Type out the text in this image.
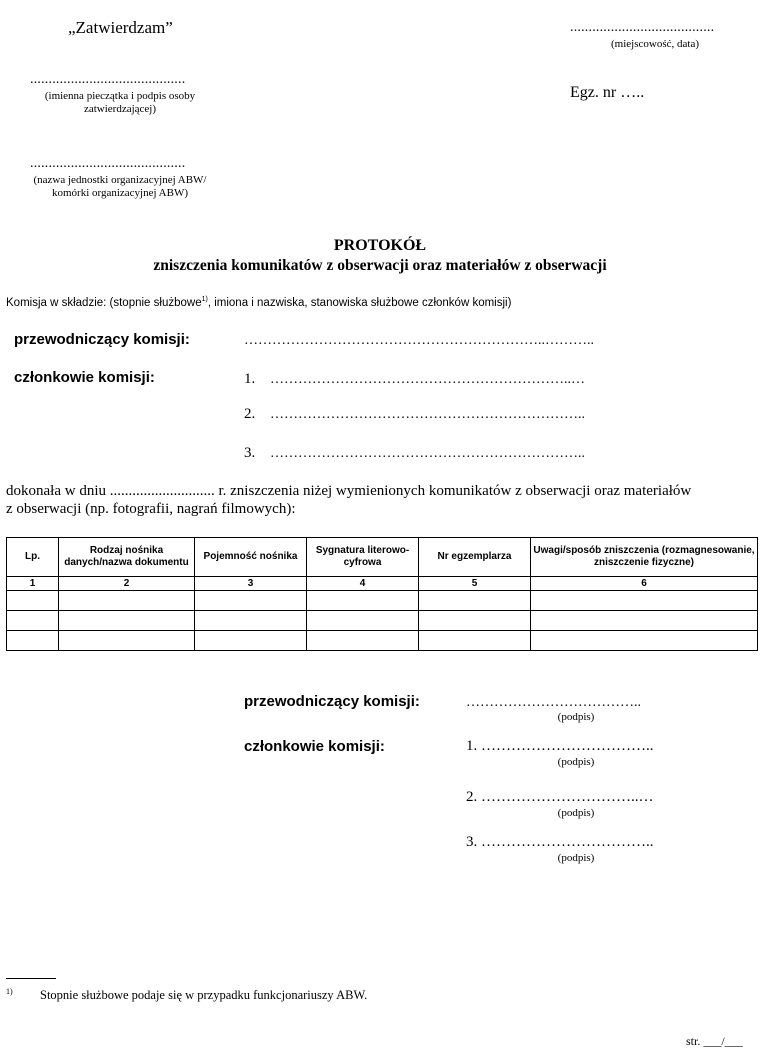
„Zatwierdzam”	.......................................
(miejscowość, data)
..........................................
(imienna pieczątka i podpis osoby zatwierdzającej)
Egz. nr …..
..........................................
(nazwa jednostki organizacyjnej ABW/ komórki organizacyjnej ABW)
PROTOKÓŁ
zniszczenia komunikatów z obserwacji oraz materiałów z obserwacji
Komisja w składzie: (stopnie służbowe$^{1)}$, imiona i nazwiska, stanowiska służbowe członków komisji)
przewodniczący komisji:	………………………………………………………..………..
członkowie komisji:	1. ………………………………………………………..…
2. …………………………………………………………..
3. …………………………………………………………..
dokonała w dniu ............................ r. zniszczenia niżej wymienionych komunikatów z obserwacji oraz materiałów
z obserwacji (np. fotografii, nagrań filmowych):
Lp.	Rodzaj nośnika danych/nazwa dokumentu	Pojemność nośnika	Sygnatura literowo-cyfrowa	Nr egzemplarza	Uwagi/sposób zniszczenia (rozmagnesowanie, zniszczenie fizyczne)
1	2	3	4	5	6

przewodniczący komisji:	………………………………..
(podpis)
członkowie komisji:	1. ……………………………..
(podpis)
2. …………………………..…
(podpis)
3. ……………………………..
(podpis)
1) Stopnie służbowe podaje się w przypadku funkcjonariuszy ABW.
str. ___/___
